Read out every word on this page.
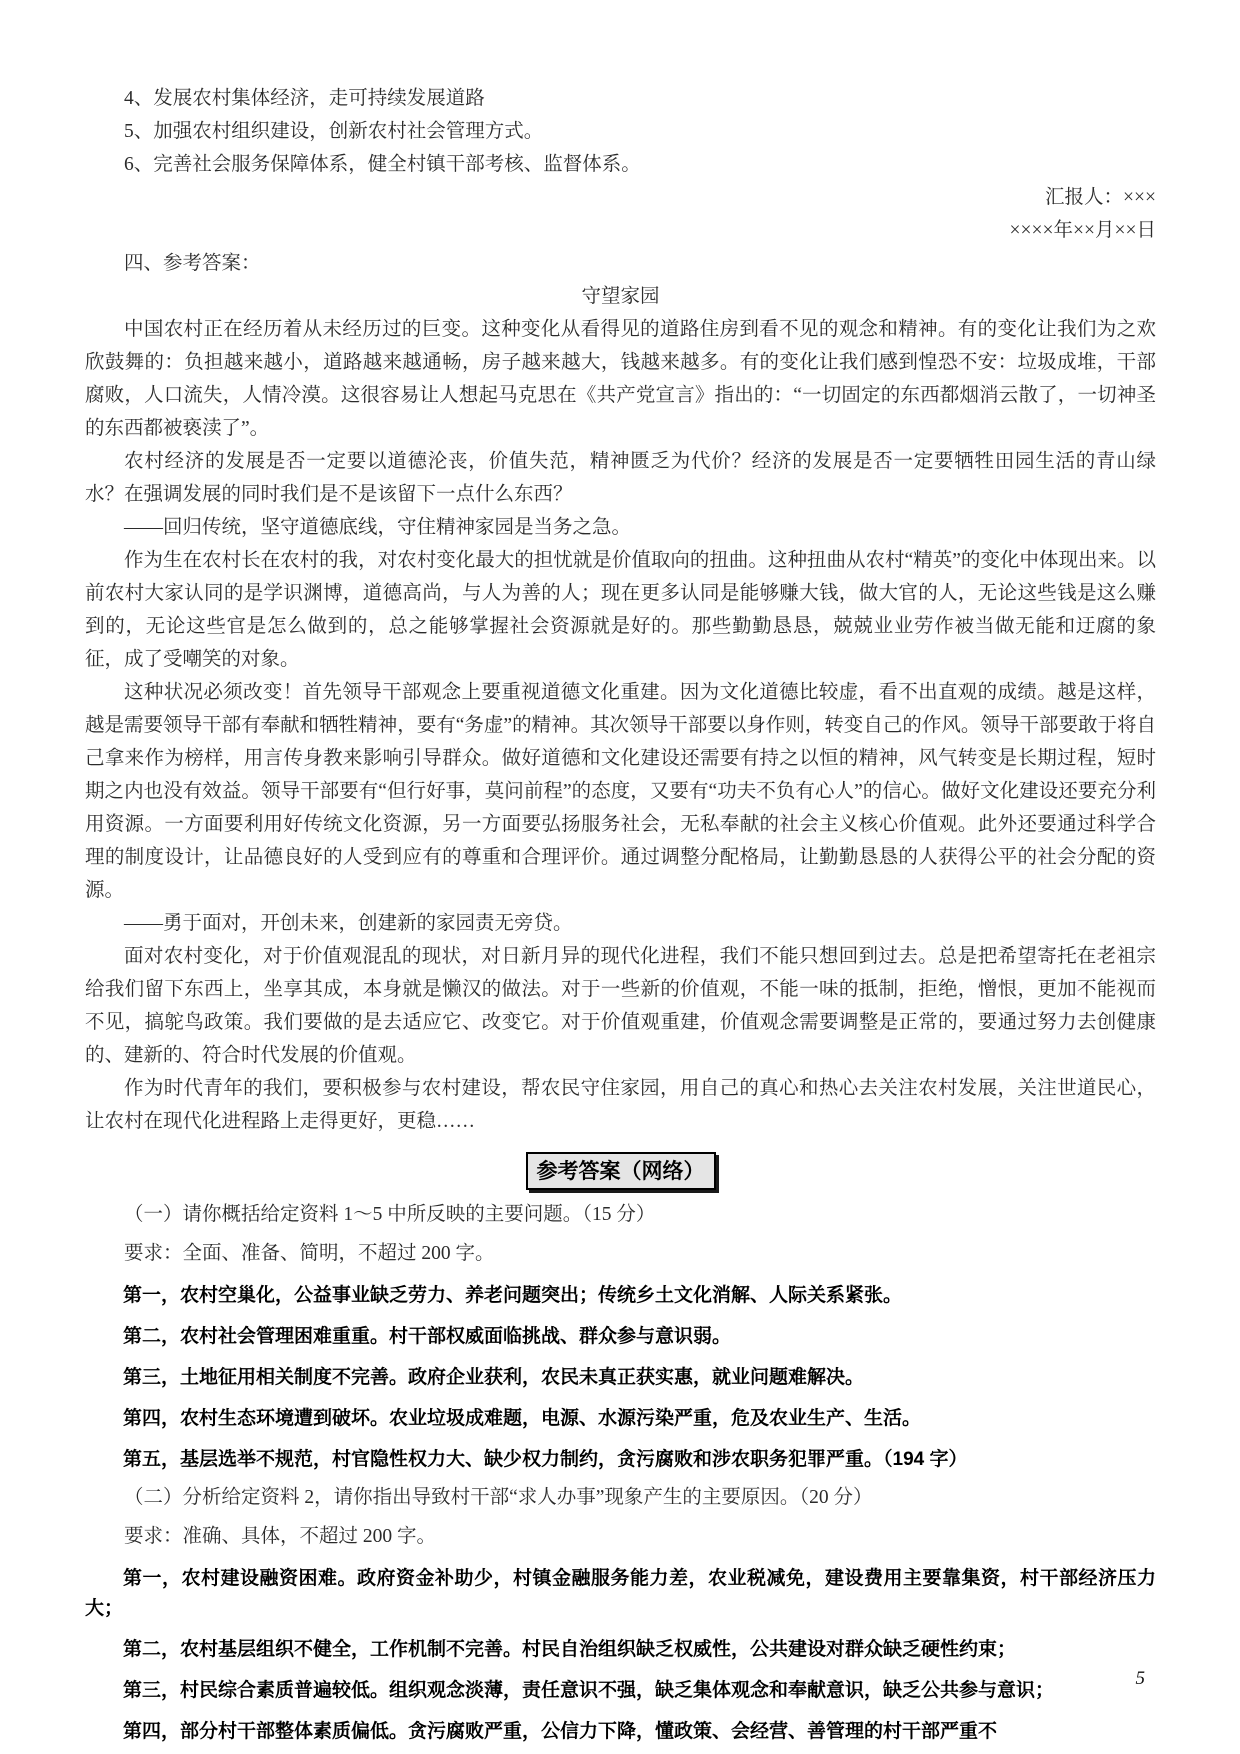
4、发展农村集体经济，走可持续发展道路

5、加强农村组织建设，创新农村社会管理方式。

6、完善社会服务保障体系，健全村镇干部考核、监督体系。

汇报人：×××

××××年××月××日

四、参考答案：

守望家园

中国农村正在经历着从未经历过的巨变。这种变化从看得见的道路住房到看不见的观念和精神。有的变化让我们为之欢欣鼓舞的：负担越来越小，道路越来越通畅，房子越来越大，钱越来越多。有的变化让我们感到惶恐不安：垃圾成堆，干部腐败，人口流失，人情冷漠。这很容易让人想起马克思在《共产党宣言》指出的：“一切固定的东西都烟消云散了，一切神圣的东西都被亵渎了”。

农村经济的发展是否一定要以道德沦丧，价值失范，精神匮乏为代价？经济的发展是否一定要牺牲田园生活的青山绿水？在强调发展的同时我们是不是该留下一点什么东西？

——回归传统，坚守道德底线，守住精神家园是当务之急。

作为生在农村长在农村的我，对农村变化最大的担忧就是价值取向的扭曲。这种扭曲从农村“精英”的变化中体现出来。以前农村大家认同的是学识渊博，道德高尚，与人为善的人；现在更多认同是能够赚大钱，做大官的人，无论这些钱是这么赚到的，无论这些官是怎么做到的，总之能够掌握社会资源就是好的。那些勤勤恳恳，兢兢业业劳作被当做无能和迂腐的象征，成了受嘲笑的对象。

这种状况必须改变！首先领导干部观念上要重视道德文化重建。因为文化道德比较虚，看不出直观的成绩。越是这样，越是需要领导干部有奉献和牺牲精神，要有“务虚”的精神。其次领导干部要以身作则，转变自己的作风。领导干部要敢于将自己拿来作为榜样，用言传身教来影响引导群众。做好道德和文化建设还需要有持之以恒的精神，风气转变是长期过程，短时期之内也没有效益。领导干部要有“但行好事，莫问前程”的态度，又要有“功夫不负有心人”的信心。做好文化建设还要充分利用资源。一方面要利用好传统文化资源，另一方面要弘扬服务社会，无私奉献的社会主义核心价值观。此外还要通过科学合理的制度设计，让品德良好的人受到应有的尊重和合理评价。通过调整分配格局，让勤勤恳恳的人获得公平的社会分配的资源。

——勇于面对，开创未来，创建新的家园责无旁贷。

面对农村变化，对于价值观混乱的现状，对日新月异的现代化进程，我们不能只想回到过去。总是把希望寄托在老祖宗给我们留下东西上，坐享其成，本身就是懒汉的做法。对于一些新的价值观，不能一味的抵制，拒绝，憎恨，更加不能视而不见，搞鸵鸟政策。我们要做的是去适应它、改变它。对于价值观重建，价值观念需要调整是正常的，要通过努力去创健康的、建新的、符合时代发展的价值观。

作为时代青年的我们，要积极参与农村建设，帮农民守住家园，用自己的真心和热心去关注农村发展，关注世道民心，让农村在现代化进程路上走得更好，更稳……

参考答案（网络）

（一）请你概括给定资料 1～5 中所反映的主要问题。（15 分）

要求：全面、准备、简明，不超过 200 字。

第一，农村空巢化，公益事业缺乏劳力、养老问题突出；传统乡土文化消解、人际关系紧张。

第二，农村社会管理困难重重。村干部权威面临挑战、群众参与意识弱。

第三，土地征用相关制度不完善。政府企业获利，农民未真正获实惠，就业问题难解决。

第四，农村生态环境遭到破坏。农业垃圾成难题，电源、水源污染严重，危及农业生产、生活。

第五，基层选举不规范，村官隐性权力大、缺少权力制约，贪污腐败和涉农职务犯罪严重。（194 字）

（二）分析给定资料 2，请你指出导致村干部“求人办事”现象产生的主要原因。（20 分）

要求：准确、具体，不超过 200 字。

第一，农村建设融资困难。政府资金补助少，村镇金融服务能力差，农业税减免，建设费用主要靠集资，村干部经济压力大；

第二，农村基层组织不健全，工作机制不完善。村民自治组织缺乏权威性，公共建设对群众缺乏硬性约束；

第三，村民综合素质普遍较低。组织观念淡薄，责任意识不强，缺乏集体观念和奉献意识，缺乏公共参与意识；

第四，部分村干部整体素质偏低。贪污腐败严重，公信力下降，懂政策、会经营、善管理的村干部严重不

5
